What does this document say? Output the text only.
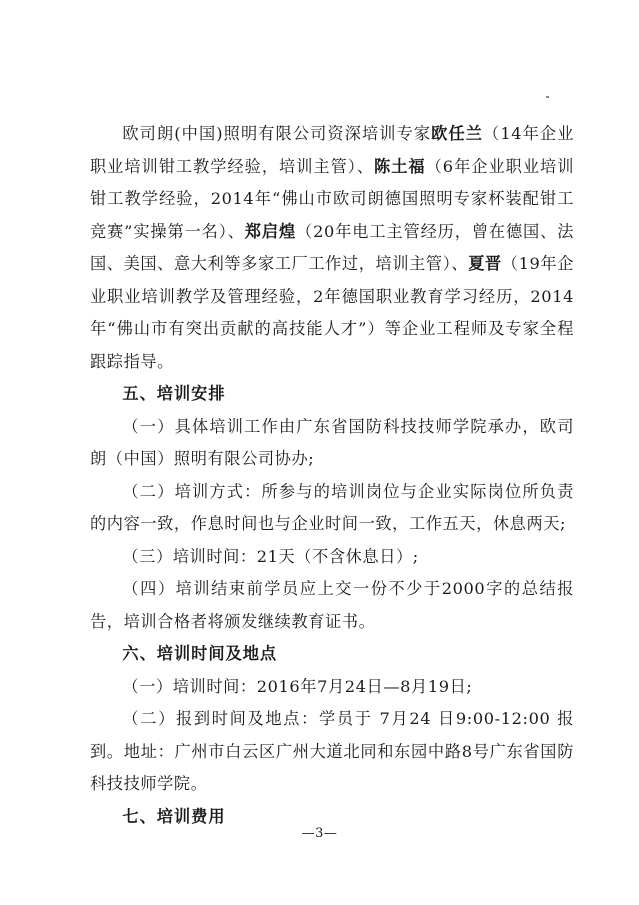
欧司朗(中国)照明有限公司资深培训专家欧任兰（14年企业职业培训钳工教学经验，培训主管）、陈土福（6年企业职业培训钳工教学经验，2014年“佛山市欧司朗德国照明专家杯装配钳工竞赛”实操第一名）、郑启煌（20年电工主管经历，曾在德国、法国、美国、意大利等多家工厂工作过，培训主管）、夏晋（19年企业职业培训教学及管理经验，2年德国职业教育学习经历，2014年“佛山市有突出贡献的高技能人才”）等企业工程师及专家全程跟踪指导。

五、培训安排

（一）具体培训工作由广东省国防科技技师学院承办，欧司朗（中国）照明有限公司协办;

（二）培训方式：所参与的培训岗位与企业实际岗位所负责的内容一致，作息时间也与企业时间一致，工作五天，休息两天;

（三）培训时间：21天（不含休息日）;

（四）培训结束前学员应上交一份不少于2000字的总结报告，培训合格者将颁发继续教育证书。

六、培训时间及地点

（一）培训时间：2016年7月24日—8月19日;

（二）报到时间及地点：学员于 7月24 日9:00-12:00 报到。地址：广州市白云区广州大道北同和东园中路8号广东省国防科技技师学院。

七、培训费用

—3—
